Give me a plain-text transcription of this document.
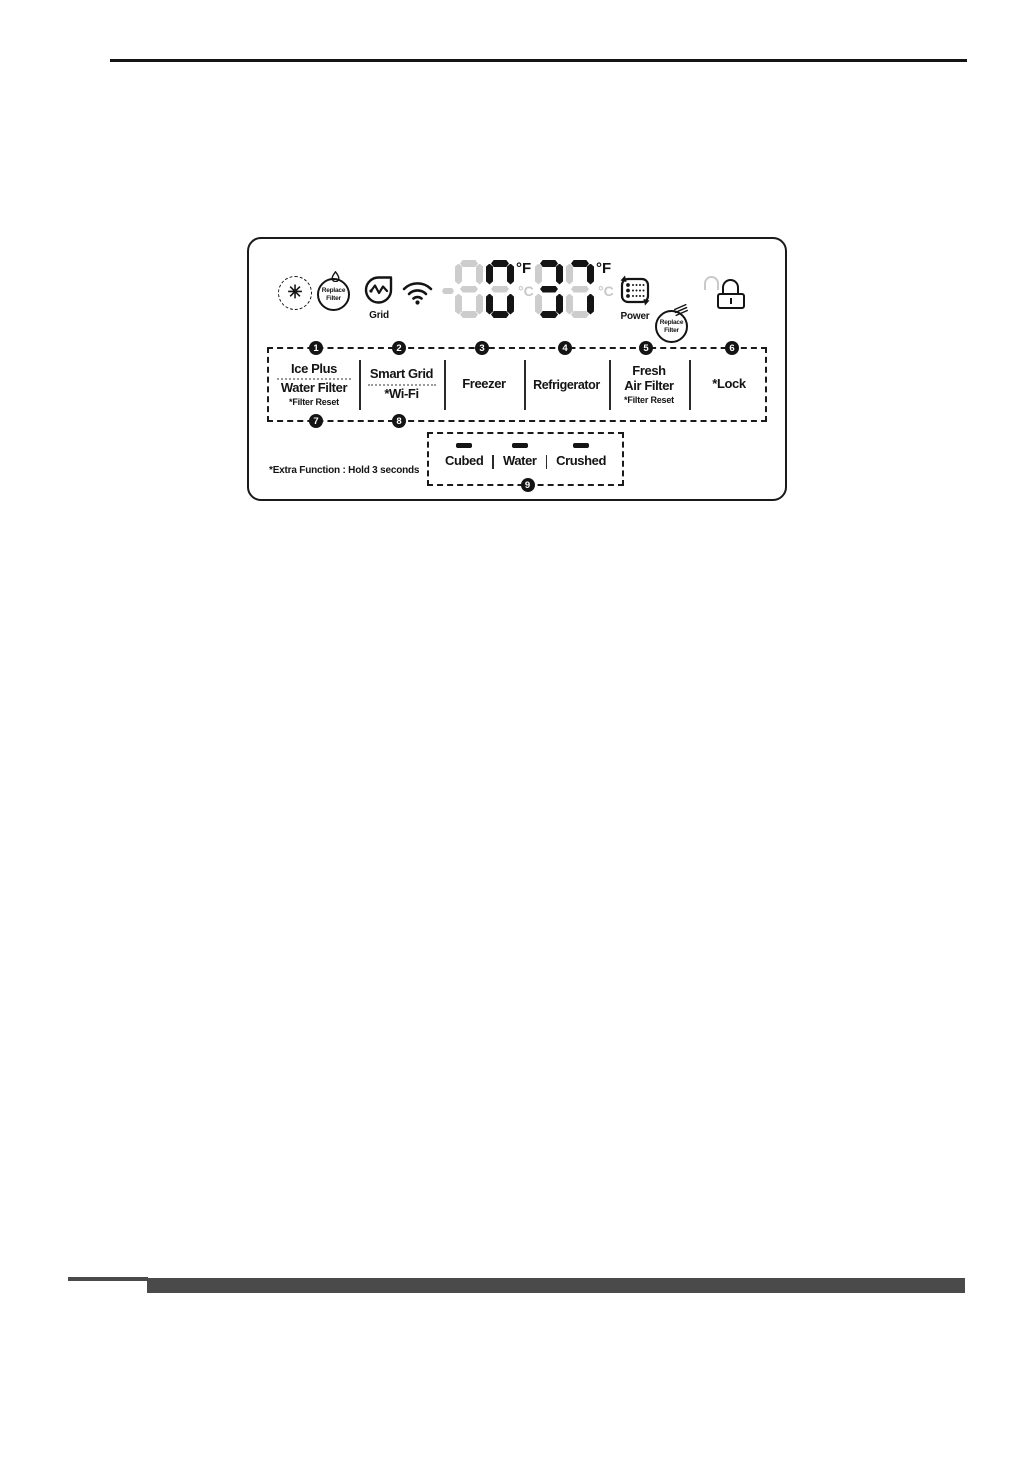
✳	Replace
Filter
Grid
°F
°C
°F
°C
Power
Replace
Filter
1	2	3	4	5	6
7	8
Ice Plus
Water Filter
*Filter Reset
Smart Grid
*Wi-Fi
Freezer Refrigerator
Fresh
Air Filter
*Filter Reset
*Lock
Cubed Water Crushed
9
*Extra Function : Hold 3 seconds
